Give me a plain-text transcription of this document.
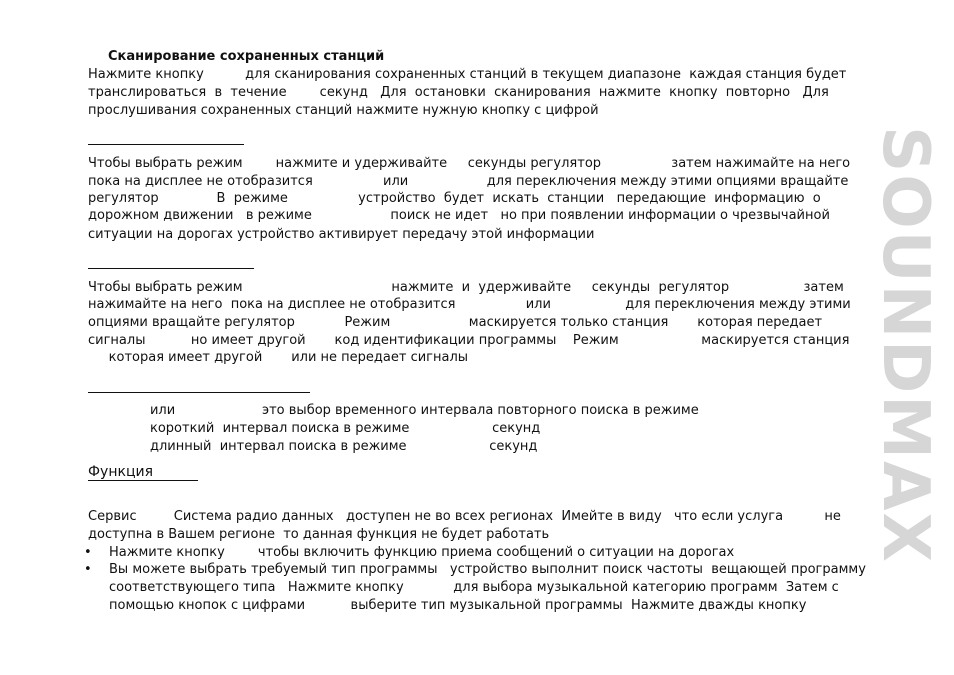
SOUNDMAX
Сканирование сохраненных станций
Нажмите кнопку          для сканирования сохраненных станций в текущем диапазоне  каждая станция будет
транслироваться  в  течение        секунд   Для  остановки  сканирования  нажмите  кнопку  повторно   Для
прослушивания сохраненных станций нажмите нужную кнопку с цифрой
Чтобы выбрать режим        нажмите и удерживайте     секунды регулятор                 затем нажимайте на него
пока на дисплее не отобразится                 или                   для переключения между этими опциями вращайте
регулятор              В  режиме                 устройство  будет  искать  станции   передающие  информацию  о
дорожном движении   в режиме                   поиск не идет   но при появлении информации о чрезвычайной
ситуации на дорогах устройство активирует передачу этой информации
Чтобы выбрать режим                                    нажмите  и  удерживайте     секунды  регулятор                  затем
нажимайте на него  пока на дисплее не отобразится                 или                  для переключения между этими
опциями вращайте регулятор            Режим                   маскируется только станция       которая передает
сигналы           но имеет другой       код идентификации программы    Режим                    маскируется станция
которая имеет другой       или не передает сигналы
или                     это выбор временного интервала повторного поиска в режиме
короткий  интервал поиска в режиме                    секунд
длинный  интервал поиска в режиме                    секунд
Функция
Сервис         Система радио данных   доступен не во всех регионах  Имейте в виду   что если услуга          не
доступна в Вашем регионе  то данная функция не будет работать
• Нажмите кнопку        чтобы включить функцию приема сообщений о ситуации на дорогах
• Вы можете выбрать требуемый тип программы   устройство выполнит поиск частоты  вещающей программу
соответствующего типа   Нажмите кнопку            для выбора музыкальной категорию программ  Затем с
помощью кнопок с цифрами           выберите тип музыкальной программы  Нажмите дважды кнопку
